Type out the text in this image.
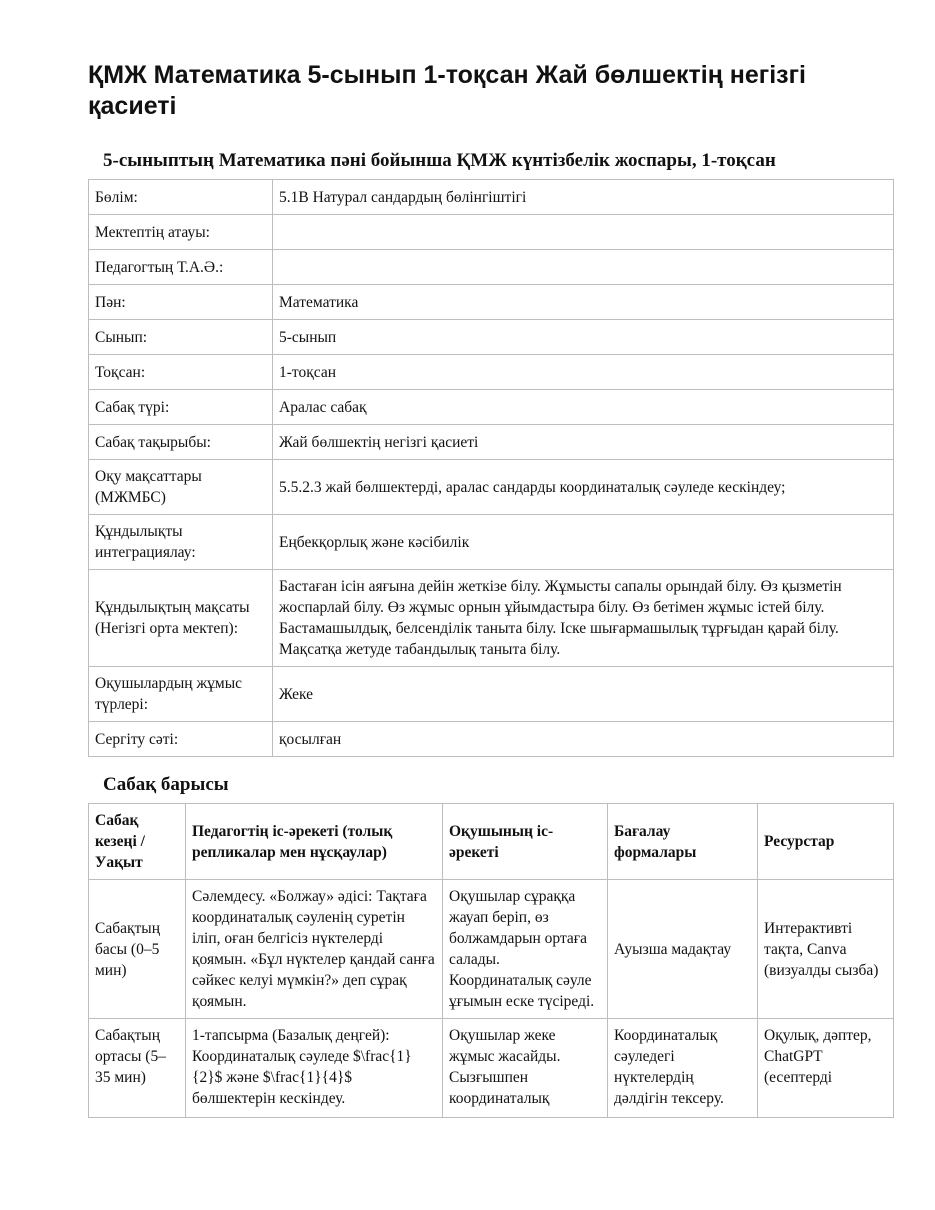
ҚМЖ Математика 5-сынып 1-тоқсан Жай бөлшектің негізгі қасиеті
5-сыныптың Математика пәні бойынша ҚМЖ күнтізбелік жоспары, 1-тоқсан
Бөлім:	5.1В Натурал сандардың бөлінгіштігі
Мектептің атауы:	
Педагогтың Т.А.Ә.:	
Пән:	Математика
Сынып:	5-сынып
Тоқсан:	1-тоқсан
Сабақ түрі:	Аралас сабақ
Сабақ тақырыбы:	Жай бөлшектің негізгі қасиеті
Оқу мақсаттары (МЖМБС)	5.5.2.3 жай бөлшектерді, аралас сандарды координаталық сәуледе кескіндеу;
Құндылықты интеграциялау:	Еңбекқорлық және кәсібилік
Құндылықтың мақсаты (Негізгі орта мектеп):	Бастаған ісін аяғына дейін жеткізе білу. Жұмысты сапалы орындай білу. Өз қызметін жоспарлай білу. Өз жұмыс орнын ұйымдастыра білу. Өз бетімен жұмыс істей білу. Бастамашылдық, белсенділік таныта білу. Іске шығармашылық тұрғыдан қарай білу. Мақсатқа жетуде табандылық таныта білу.
Оқушылардың жұмыс түрлері:	Жеке
Сергіту сәті:	қосылған
Сабақ барысы
Сабақ кезеңі / Уақыт	Педагогтің іс-әрекеті (толық репликалар мен нұсқаулар)	Оқушының іс-әрекеті	Бағалау формалары	Ресурстар
Сабақтың басы (0–5 мин)	Сәлемдесу. «Болжау» әдісі: Тақтаға координаталық сәуленің суретін іліп, оған белгісіз нүктелерді қоямын. «Бұл нүктелер қандай санға сәйкес келуі мүмкін?» деп сұрақ қоямын.	Оқушылар сұраққа жауап беріп, өз болжамдарын ортаға салады. Координаталық сәуле ұғымын еске түсіреді.	Ауызша мадақтау	Интерактивті тақта, Canva (визуалды сызба)

Сабақтың ортасы (5–35 мин)	1-тапсырма (Базалық деңгей): Координаталық сәуледе $\frac{1}{2}$ және $\frac{1}{4}$ бөлшектерін кескіндеу.	Оқушылар жеке жұмыс жасайды. Сызғышпен координаталық	Координаталық сәуледегі нүктелердің дәлдігін тексеру.	Оқулық, дәптер, ChatGPT (есептерді
